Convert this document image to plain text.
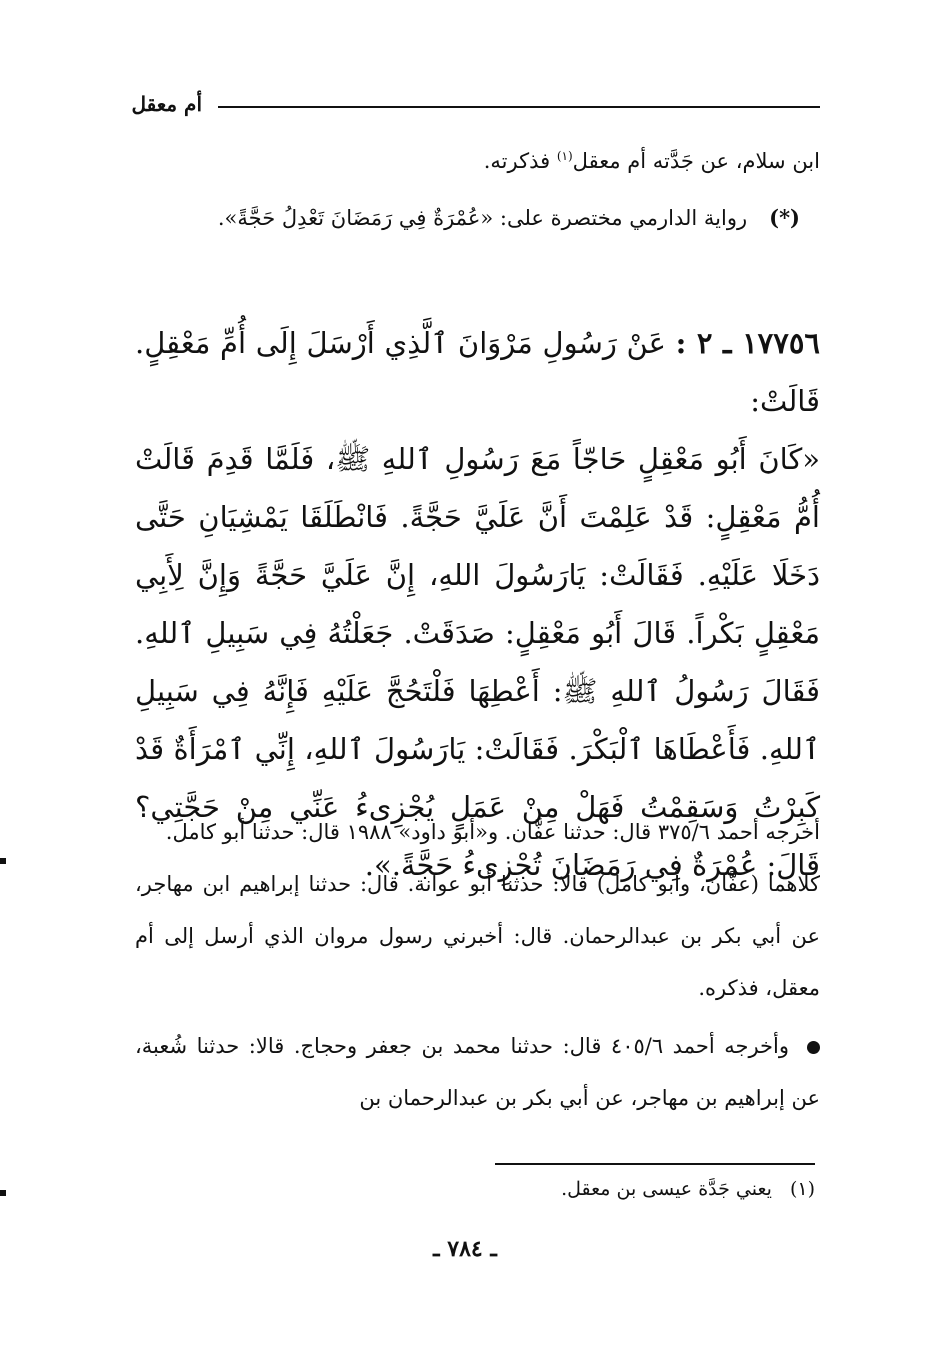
أم معقل
ابن سلام، عن جَدَّته أم معقل$^{(١)}$ فذكرته.
(*)رواية الدارمي مختصرة على: «عُمْرَةٌ فِي رَمَضَانَ تَعْدِلُ حَجَّةً».
١٧٧٥٦ ـ ٢ : عَنْ رَسُولِ مَرْوَانَ ٱلَّذِي أَرْسَلَ إِلَى أُمِّ مَعْقِلٍ. قَالَتْ:
«كَانَ أَبُو مَعْقِلٍ حَاجّاً مَعَ رَسُولِ ٱللهِ ﷺ، فَلَمَّا قَدِمَ قَالَتْ أُمُّ مَعْقِلٍ: قَدْ عَلِمْتَ أَنَّ عَلَيَّ حَجَّةً. فَانْطَلَقَا يَمْشِيَانِ حَتَّى دَخَلَا عَلَيْهِ. فَقَالَتْ: يَارَسُولَ اللهِ، إِنَّ عَلَيَّ حَجَّةً وَإِنَّ لِأَبِي مَعْقِلٍ بَكْراً. قَالَ أَبُو مَعْقِلٍ: صَدَقَتْ. جَعَلْتُهُ فِي سَبِيلِ ٱللهِ. فَقَالَ رَسُولُ ٱللهِ ﷺ: أَعْطِهَا فَلْتَحُجَّ عَلَيْهِ فَإِنَّهُ فِي سَبِيلِ ٱللهِ. فَأَعْطَاهَا ٱلْبَكْرَ. فَقَالَتْ: يَارَسُولَ ٱللهِ، إِنِّي ٱمْرَأَةٌ قَدْ كَبِرْتُ وَسَقِمْتُ فَهَلْ مِنْ عَمَلٍ يُجْزِىءُ عَنِّي مِنْ حَجَّتِي؟ قَالَ: عُمْرَةٌ فِي رَمَضَانَ تُجْزِىءُ حَجَّةً.».
أخرجه أحمد ٣٧٥/٦ قال: حدثنا عفَّان. و«أبو داود» ١٩٨٨ قال: حدثنا أبو كامل.
كلاهما (عفَّان، وأبو كامل) قالا: حدثنا أبو عوانة. قال: حدثنا إبراهيم ابن مهاجر، عن أبي بكر بن عبدالرحمان. قال: أخبرني رسول مروان الذي أرسل إلى أم معقل، فذكره.
وأخرجه أحمد ٤٠٥/٦ قال: حدثنا محمد بن جعفر وحجاج. قالا: حدثنا شُعبة، عن إبراهيم بن مهاجر، عن أبي بكر بن عبدالرحمان بن
(١)يعني جَدَّة عيسى بن معقل.
ـ ٧٨٤ ـ
